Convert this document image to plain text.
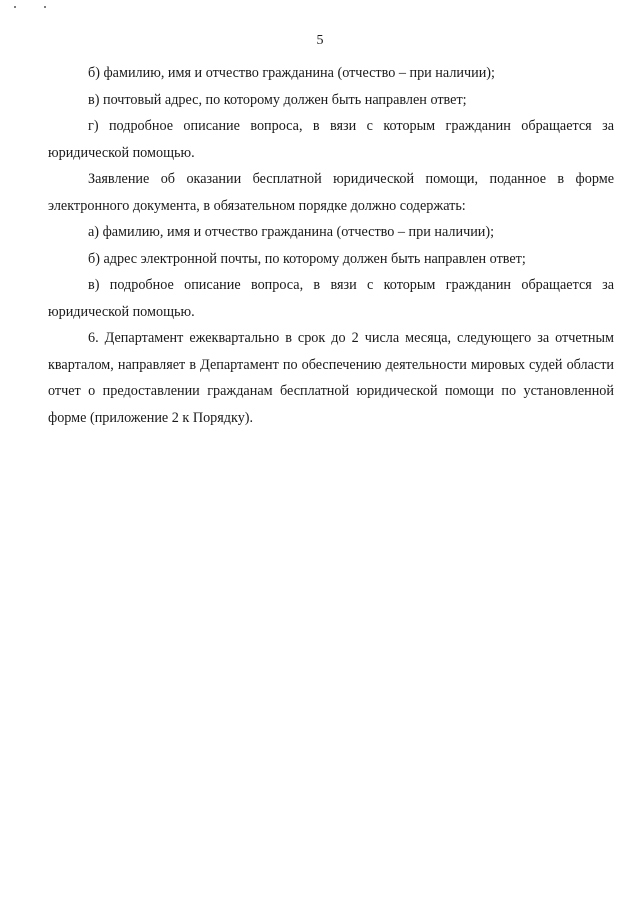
5

б) фамилию, имя и отчество гражданина (отчество – при наличии);

в) почтовый адрес, по которому должен быть направлен ответ;

г) подробное описание вопроса, в вязи с которым гражданин обращается за юридической помощью.

Заявление об оказании бесплатной юридической помощи, поданное в форме электронного документа, в обязательном порядке должно содержать:

а) фамилию, имя и отчество гражданина (отчество – при наличии);

б) адрес электронной почты, по которому должен быть направлен ответ;

в) подробное описание вопроса, в вязи с которым гражданин обращается за юридической помощью.

6. Департамент ежеквартально в срок до 2 числа месяца, следующего за отчетным кварталом, направляет в Департамент по обеспечению деятельности мировых судей области отчет о предоставлении гражданам бесплатной юридической помощи по установленной форме (приложение 2 к Порядку).
